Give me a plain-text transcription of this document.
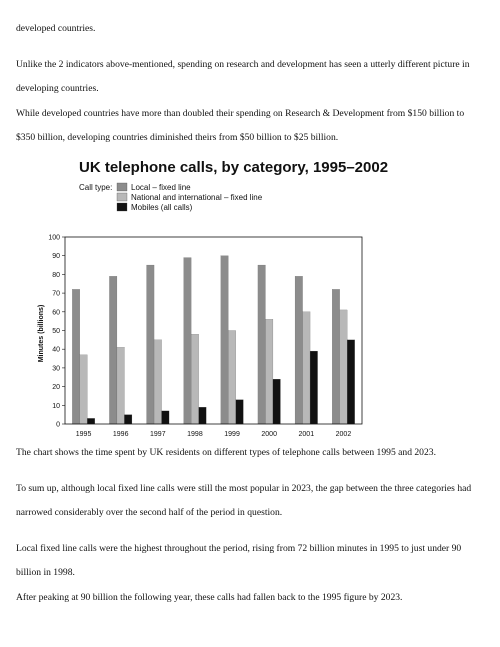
developed countries.

Unlike the 2 indicators above-mentioned, spending on research and development has seen a utterly different picture in

developing countries.

While developed countries have more than doubled their spending on Research & Development from $150 billion to

$350 billion, developing countries diminished theirs from $50 billion to $25 billion.

UK telephone calls, by category, 1995–2002
Call type: Local – fixed line
National and international – fixed line
Mobiles (all calls)
0
10
20
30
40
50
60
70
80
90
100
1995	1996	1997	1998	1999	2000	2001	2002
Minutes (billions)

The chart shows the time spent by UK residents on different types of telephone calls between 1995 and 2023.

To sum up, although local fixed line calls were still the most popular in 2023, the gap between the three categories had

narrowed considerably over the second half of the period in question.

Local fixed line calls were the highest throughout the period, rising from 72 billion minutes in 1995 to just under 90

billion in 1998.

After peaking at 90 billion the following year, these calls had fallen back to the 1995 figure by 2023.
